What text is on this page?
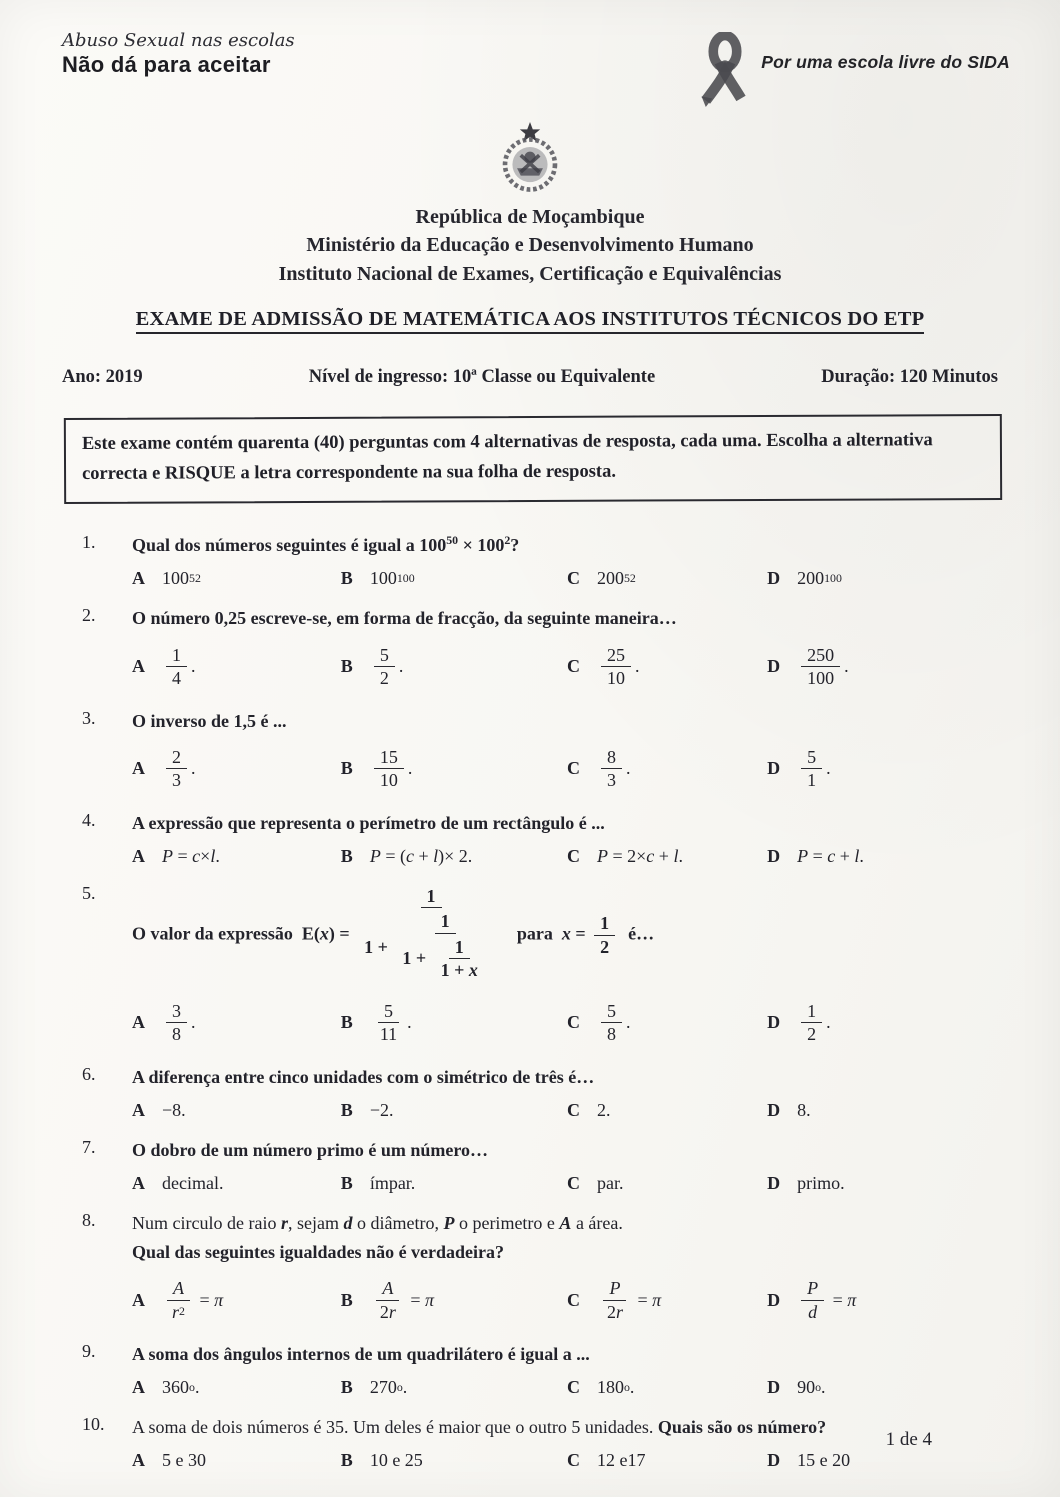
Abuso Sexual nas escolas
Não dá para aceitar	Por uma escola livre do SIDA
República de Moçambique
Ministério da Educação e Desenvolvimento Humano
Instituto Nacional de Exames, Certificação e Equivalências
EXAME DE ADMISSÃO DE MATEMÁTICA AOS INSTITUTOS TÉCNICOS DO ETP
Ano: 2019	Nível de ingresso: 10ª Classe ou Equivalente	Duração: 120 Minutos
Este exame contém quarenta (40) perguntas com 4 alternativas de resposta, cada uma. Escolha a alternativa correcta e RISQUE a letra correspondente na sua folha de resposta.
1.	Qual dos números seguintes é igual a $100^{50} \times 100^2$?
A 100 52	B 100 100	C 200 52	D 200 100
2.	O número 0,25 escreve-se, em forma de fracção, da seguinte maneira…
A $\frac{1}{4}$ .	B $\frac{5}{2}$ .	C $\frac{25}{10}$ .	D $\frac{250}{100}$ .
3.	O inverso de 1,5 é ...
A $\frac{2}{3}$ .	B $\frac{15}{10}$ .	C $\frac{8}{3}$ .	D $\frac{5}{1}$ .
4.	A expressão que representa o perímetro de um rectângulo é ...
A P = c × l .	B P = ( c + l )× 2.	C P = 2× c + l .	D P = c + l .
5.
O valor da expressão  $E(x) = \frac{1}{1 + \frac{1}{1 + \frac{1}{1 + x}}}$ para  $x = \frac{1}{2}$ é…
A $\frac{3}{8}$ .	B $\frac{5}{11}$ .	C $\frac{5}{8}$ .	D $\frac{1}{2}$ .
6.	A diferença entre cinco unidades com o simétrico de três é…
A −8.	B −2.	C 2.	D 8.
7.	O dobro de um número primo é um número…
A decimal.	B ímpar.	C par.	D primo.
8.	Num circulo de raio r, sejam d o diâmetro, P o perimetro e A a área.
Qual das seguintes igualdades não é verdadeira?
A $\frac{A}{r 2} = \pi$	B $\frac{A}{2 r} = \pi$	C $\frac{P}{2 r} = \pi$	D $\frac{P}{d} = \pi$
9.	A soma dos ângulos internos de um quadrilátero é igual a ...
A 360 o .	B 270 o .	C 180 o .	D 90 o .
10.	A soma de dois números é 35. Um deles é maior que o outro 5 unidades. Quais são os número?
A 5 e 30	B 10 e 25	C 12 e17	D 15 e 20
1 de 4
